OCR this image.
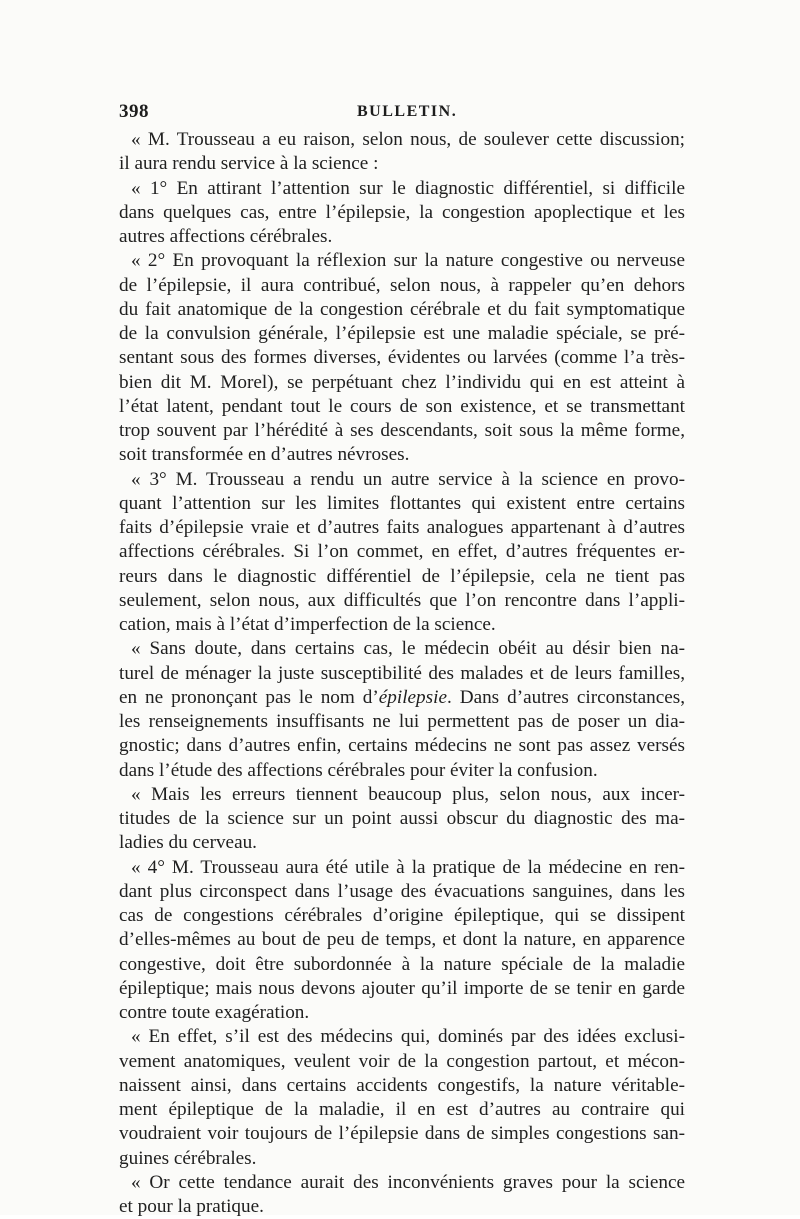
398	BULLETIN.
« M. Trousseau a eu raison, selon nous, de soulever cette discussion;
il aura rendu service à la science :
« 1° En attirant l’attention sur le diagnostic différentiel, si difficile
dans quelques cas, entre l’épilepsie, la congestion apoplectique et les
autres affections cérébrales.
« 2° En provoquant la réflexion sur la nature congestive ou nerveuse
de l’épilepsie, il aura contribué, selon nous, à rappeler qu’en dehors
du fait anatomique de la congestion cérébrale et du fait symptomatique
de la convulsion générale, l’épilepsie est une maladie spéciale, se pré-
sentant sous des formes diverses, évidentes ou larvées (comme l’a très-
bien dit M. Morel), se perpétuant chez l’individu qui en est atteint à
l’état latent, pendant tout le cours de son existence, et se transmettant
trop souvent par l’hérédité à ses descendants, soit sous la même forme,
soit transformée en d’autres névroses.
« 3° M. Trousseau a rendu un autre service à la science en provo-
quant l’attention sur les limites flottantes qui existent entre certains
faits d’épilepsie vraie et d’autres faits analogues appartenant à d’autres
affections cérébrales. Si l’on commet, en effet, d’autres fréquentes er-
reurs dans le diagnostic différentiel de l’épilepsie, cela ne tient pas
seulement, selon nous, aux difficultés que l’on rencontre dans l’appli-
cation, mais à l’état d’imperfection de la science.
« Sans doute, dans certains cas, le médecin obéit au désir bien na-
turel de ménager la juste susceptibilité des malades et de leurs familles,
en ne prononçant pas le nom d’épilepsie. Dans d’autres circonstances,
les renseignements insuffisants ne lui permettent pas de poser un dia-
gnostic; dans d’autres enfin, certains médecins ne sont pas assez versés
dans l’étude des affections cérébrales pour éviter la confusion.
« Mais les erreurs tiennent beaucoup plus, selon nous, aux incer-
titudes de la science sur un point aussi obscur du diagnostic des ma-
ladies du cerveau.
« 4° M. Trousseau aura été utile à la pratique de la médecine en ren-
dant plus circonspect dans l’usage des évacuations sanguines, dans les
cas de congestions cérébrales d’origine épileptique, qui se dissipent
d’elles-mêmes au bout de peu de temps, et dont la nature, en apparence
congestive, doit être subordonnée à la nature spéciale de la maladie
épileptique; mais nous devons ajouter qu’il importe de se tenir en garde
contre toute exagération.
« En effet, s’il est des médecins qui, dominés par des idées exclusi-
vement anatomiques, veulent voir de la congestion partout, et mécon-
naissent ainsi, dans certains accidents congestifs, la nature véritable-
ment épileptique de la maladie, il en est d’autres au contraire qui
voudraient voir toujours de l’épilepsie dans de simples congestions san-
guines cérébrales.
« Or cette tendance aurait des inconvénients graves pour la science
et pour la pratique.
